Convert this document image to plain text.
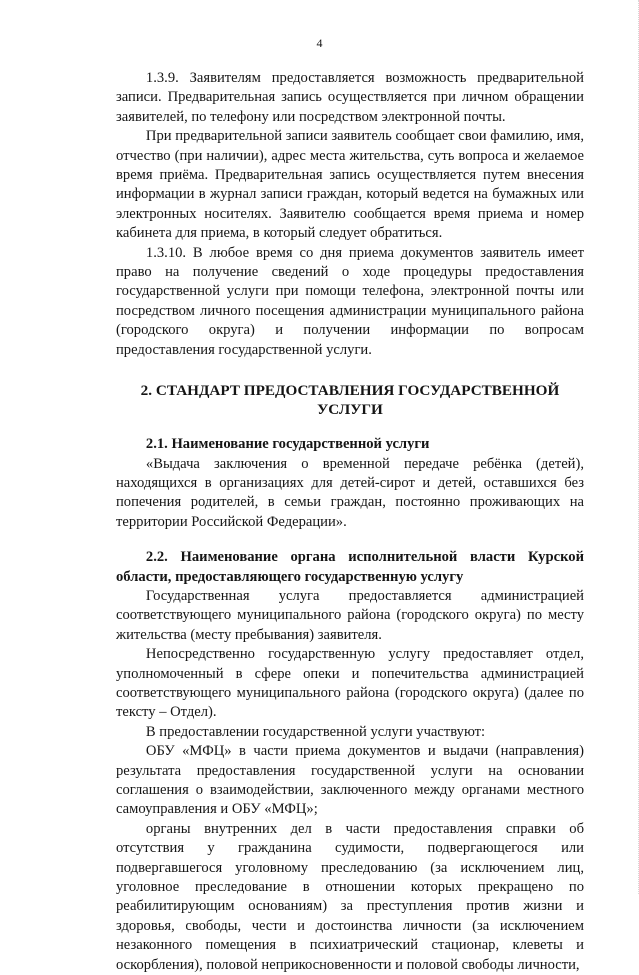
4

1.3.9. Заявителям предоставляется возможность предварительной записи. Предварительная запись осуществляется при личном обращении заявителей, по телефону или посредством электронной почты.

При предварительной записи заявитель сообщает свои фамилию, имя, отчество (при наличии), адрес места жительства, суть вопроса и желаемое время приёма. Предварительная запись осуществляется путем внесения информации в журнал записи граждан, который ведется на бумажных или электронных носителях. Заявителю сообщается время приема и номер кабинета для приема, в который следует обратиться.

1.3.10. В любое время со дня приема документов заявитель имеет право на получение сведений о ходе процедуры предоставления государственной услуги при помощи телефона, электронной почты или посредством личного посещения администрации муниципального района (городского округа) и получении информации по вопросам предоставления государственной услуги.

2. СТАНДАРТ ПРЕДОСТАВЛЕНИЯ ГОСУДАРСТВЕННОЙ УСЛУГИ

2.1. Наименование государственной услуги

«Выдача заключения о временной передаче ребёнка (детей), находящихся в организациях для детей-сирот и детей, оставшихся без попечения родителей, в семьи граждан, постоянно проживающих на территории Российской Федерации».

2.2. Наименование органа исполнительной власти Курской области, предоставляющего государственную услугу

Государственная услуга предоставляется администрацией соответствующего муниципального района (городского округа) по месту жительства (месту пребывания) заявителя.

Непосредственно государственную услугу предоставляет отдел, уполномоченный в сфере опеки и попечительства администрацией соответствующего муниципального района (городского округа) (далее по тексту – Отдел).

В предоставлении государственной услуги участвуют:

ОБУ «МФЦ» в части приема документов и выдачи (направления) результата предоставления государственной услуги на основании соглашения о взаимодействии, заключенного между органами местного самоуправления и ОБУ «МФЦ»;

органы внутренних дел в части предоставления справки об отсутствия у гражданина судимости, подвергающегося или подвергавшегося уголовному преследованию (за исключением лиц, уголовное преследование в отношении которых прекращено по реабилитирующим основаниям) за преступления против жизни и здоровья, свободы, чести и достоинства личности (за исключением незаконного помещения в психиатрический стационар, клеветы и оскорбления), половой неприкосновенности и половой свободы личности,
